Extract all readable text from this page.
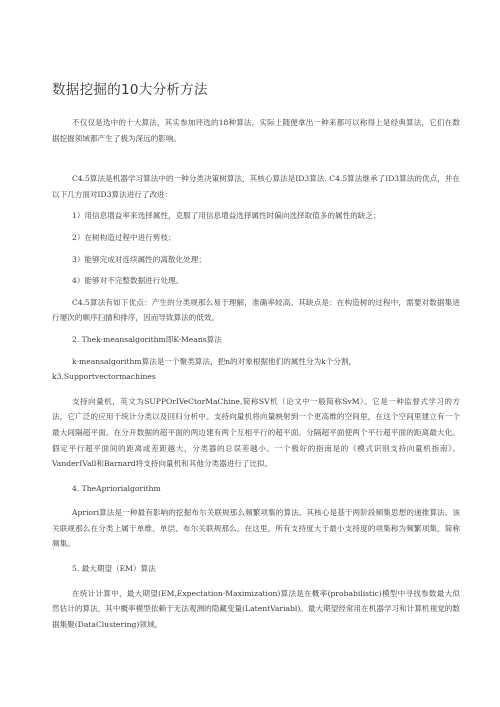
数据挖掘的10大分析方法

不仅仅是选中的十大算法，其实参加评选的18种算法，实际上随便拿出一种来都可以称得上是经典算法，它们在数据挖掘领域都产生了极为深远的影响。

C4.5算法是机器学习算法中的一种分类决策树算法，其核心算法是ID3算法. C4.5算法继承了ID3算法的优点，并在以下几方面对ID3算法进行了改进：

1）用信息增益率来选择属性，克服了用信息增益选择属性时偏向选择取值多的属性的缺乏；

2）在树构造过程中进行剪枝；

3）能够完成对连续属性的离散化处理；

4）能够对不完整数据进行处理。

C4.5算法有如下优点：产生的分类规那么易于理解，准确率较高。其缺点是：在构造树的过程中，需要对数据集进行屡次的顺序扫描和排序，因而导致算法的低效。

2. Thek-meansalgorithm即K-Means算法

k-meansalgorithm算法是一个聚类算法，把n的对象根据他们的属性分为k个分割，

k3.Supportvectormachines

支持向量机，英文为SUPPOrIVeCtorMaChine,简称SV机（论文中一般简称SvM）。它是一种监督式学习的方法，它广泛的应用于统计分类以及回归分析中。支持向量机将向量映射到一个更高维的空间里，在这个空间里建立有一个最大间隔超平面。在分开数据的超平面的两边建有两个互相平行的超平面。分隔超平面使两个平行超平面的距离最大化。假定平行超平面间的距离或差距越大，分类器的总误差越小。一个极好的指南是的《模式识别支持向量机指南》。VanderIVall和Barnard将支持向量机和其他分类器进行了比拟。

4. TheApriorialgorithm

Apriori算法是一种最有影响的挖掘布尔关联规那么频繁项集的算法。其核心是基于两阶段频集思想的递推算法。该关联规那么在分类上属于单维、单层、布尔关联规那么。在这里，所有支持度大于最小支持度的项集称为频繁项集，简称频集。

5. 最大期望（EM）算法

在统计计算中，最大期望(EM,Expectation-Maximization)算法是在概率(probabilistic)模型中寻找参数最大似然估计的算法，其中概率模型依赖于无法观测的隐藏变量(LatentVariabl)。最大期望经常用在机器学习和计算机视觉的数据集聚(DataClustering)领域。
